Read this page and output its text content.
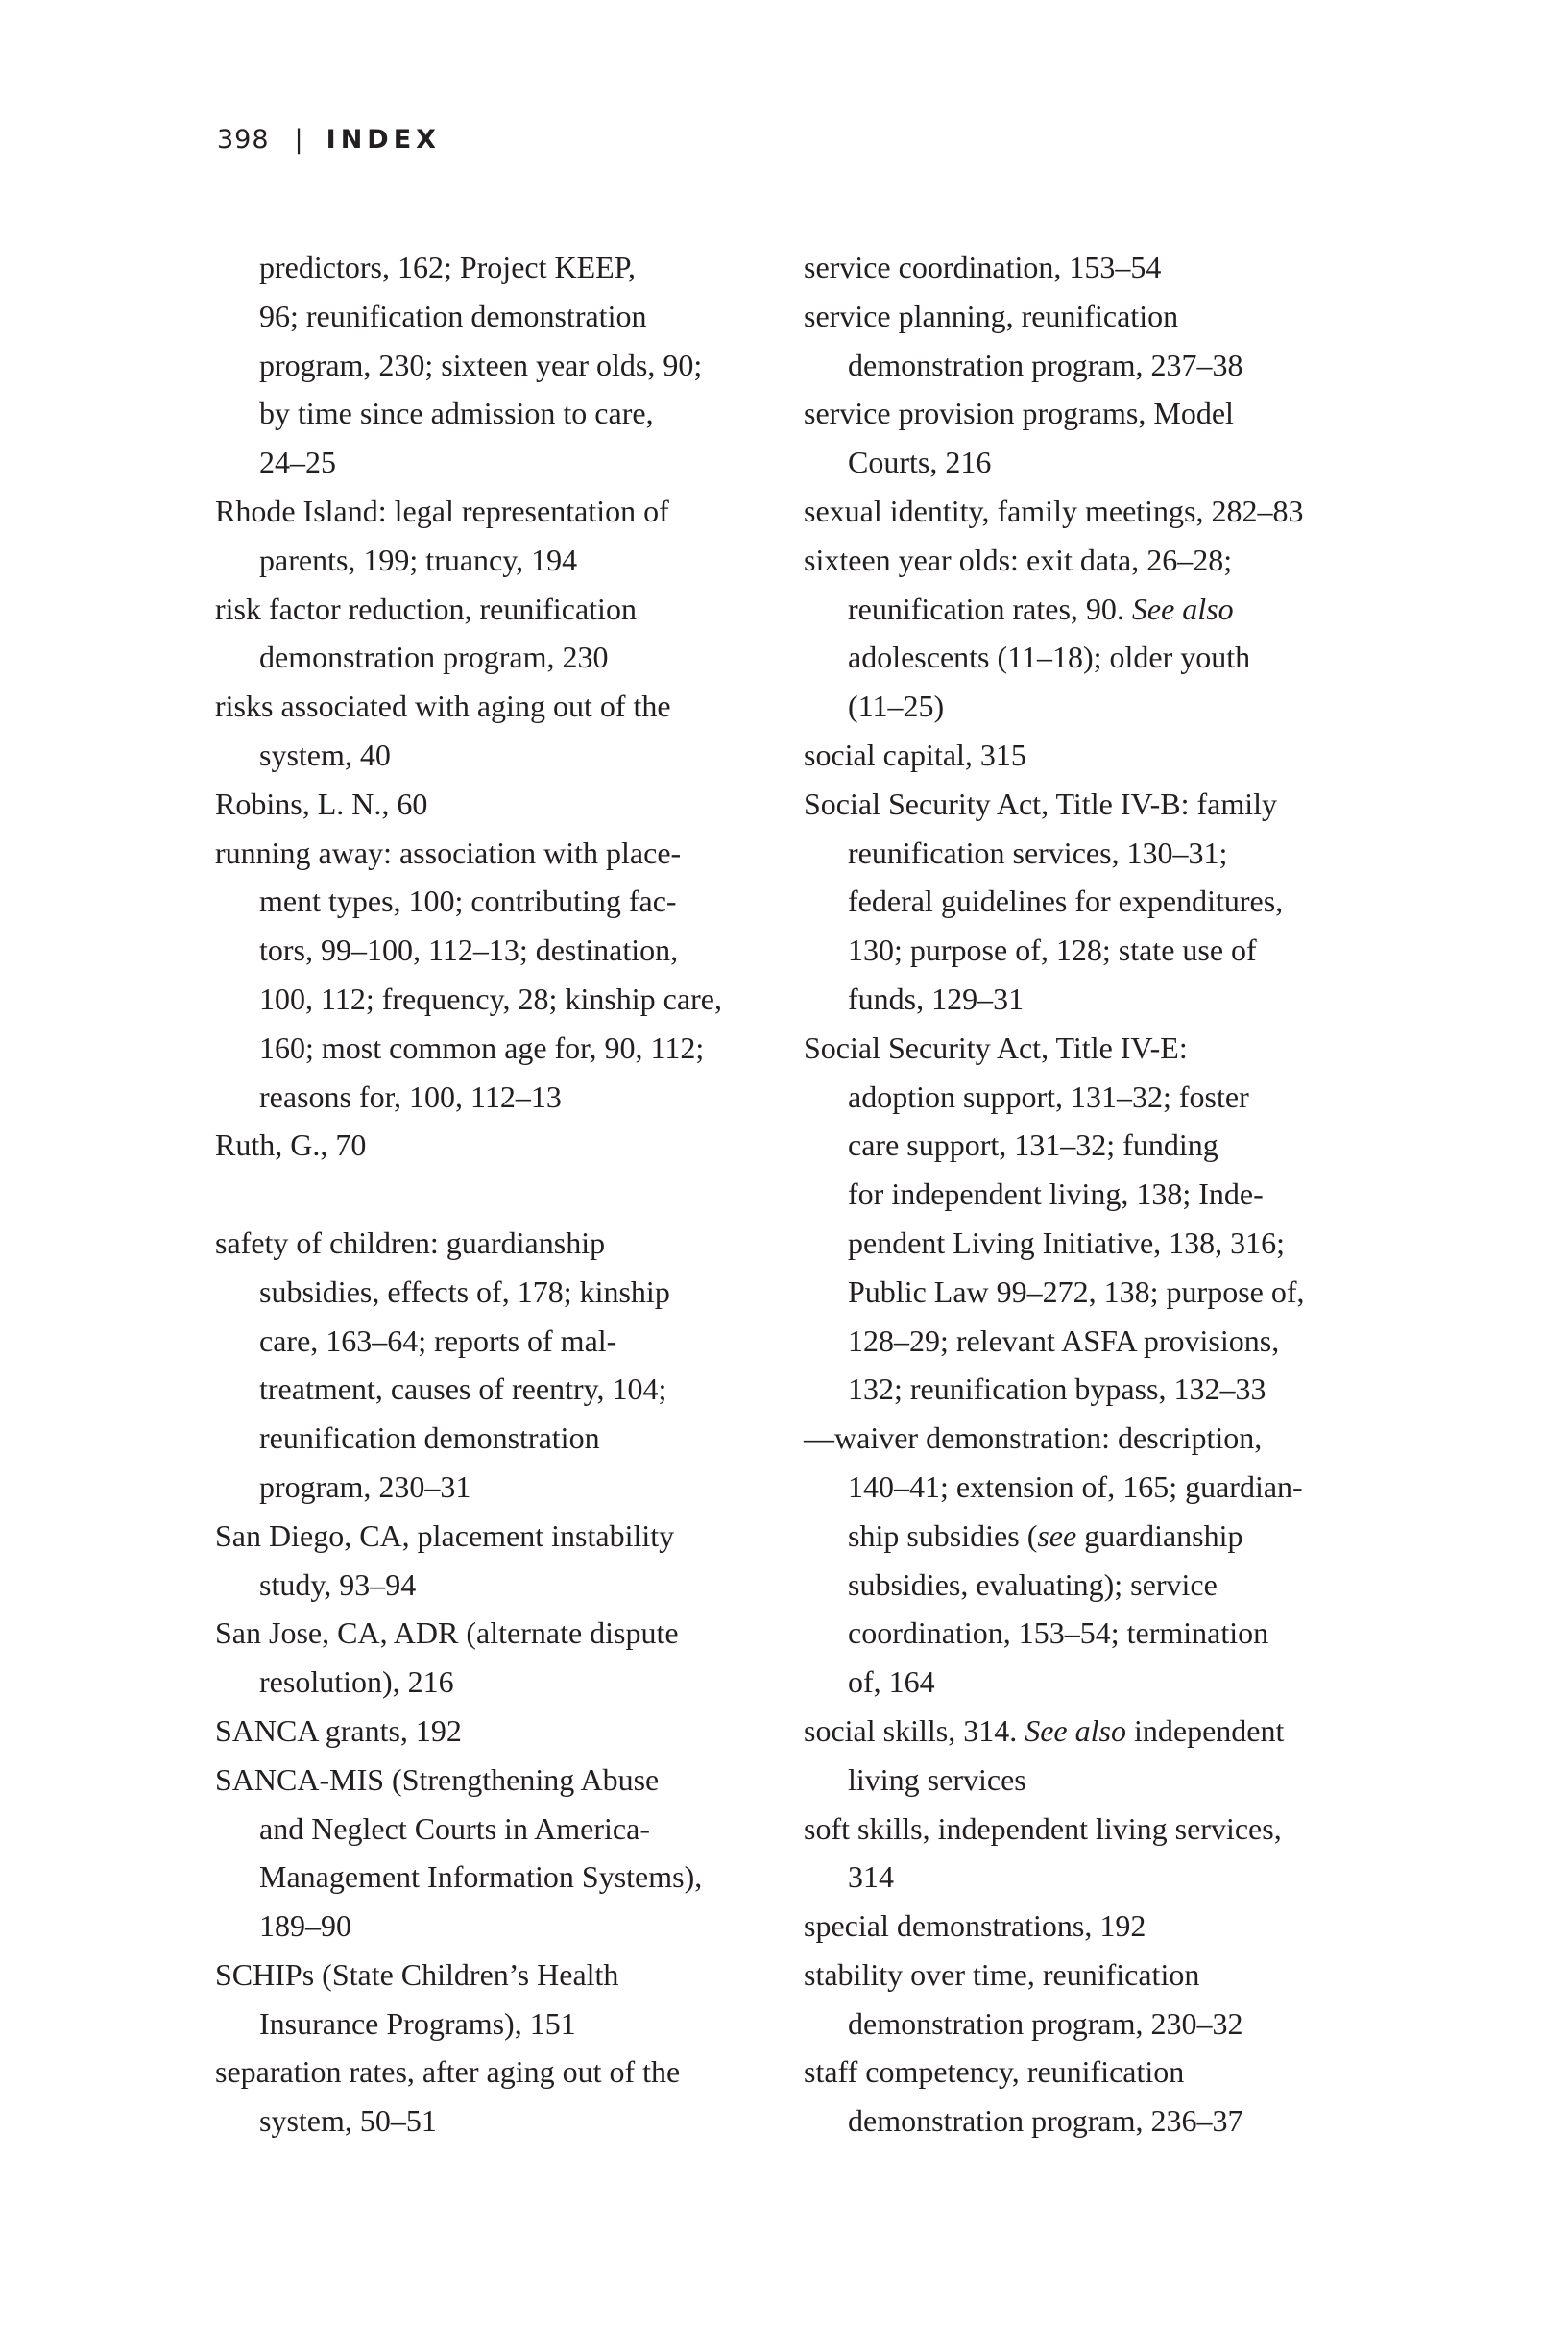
398 | INDEX
predictors, 162; Project KEEP,
96; reunification demonstration
program, 230; sixteen year olds, 90;
by time since admission to care,
24–25
Rhode Island: legal representation of
parents, 199; truancy, 194
risk factor reduction, reunification
demonstration program, 230
risks associated with aging out of the
system, 40
Robins, L. N., 60
running away: association with place-
ment types, 100; contributing fac-
tors, 99–100, 112–13; destination,
100, 112; frequency, 28; kinship care,
160; most common age for, 90, 112;
reasons for, 100, 112–13
Ruth, G., 70
safety of children: guardianship
subsidies, effects of, 178; kinship
care, 163–64; reports of mal-
treatment, causes of reentry, 104;
reunification demonstration
program, 230–31
San Diego, CA, placement instability
study, 93–94
San Jose, CA, ADR (alternate dispute
resolution), 216
SANCA grants, 192
SANCA-MIS (Strengthening Abuse
and Neglect Courts in America-
Management Information Systems),
189–90
SCHIPs (State Children’s Health
Insurance Programs), 151
separation rates, after aging out of the
system, 50–51
service coordination, 153–54
service planning, reunification
demonstration program, 237–38
service provision programs, Model
Courts, 216
sexual identity, family meetings, 282–83
sixteen year olds: exit data, 26–28;
reunification rates, 90. See also
adolescents (11–18); older youth
(11–25)
social capital, 315
Social Security Act, Title IV-B: family
reunification services, 130–31;
federal guidelines for expenditures,
130; purpose of, 128; state use of
funds, 129–31
Social Security Act, Title IV-E:
adoption support, 131–32; foster
care support, 131–32; funding
for independent living, 138; Inde-
pendent Living Initiative, 138, 316;
Public Law 99–272, 138; purpose of,
128–29; relevant ASFA provisions,
132; reunification bypass, 132–33
—waiver demonstration: description,
140–41; extension of, 165; guardian-
ship subsidies (see guardianship
subsidies, evaluating); service
coordination, 153–54; termination
of, 164
social skills, 314. See also independent
living services
soft skills, independent living services,
314
special demonstrations, 192
stability over time, reunification
demonstration program, 230–32
staff competency, reunification
demonstration program, 236–37
